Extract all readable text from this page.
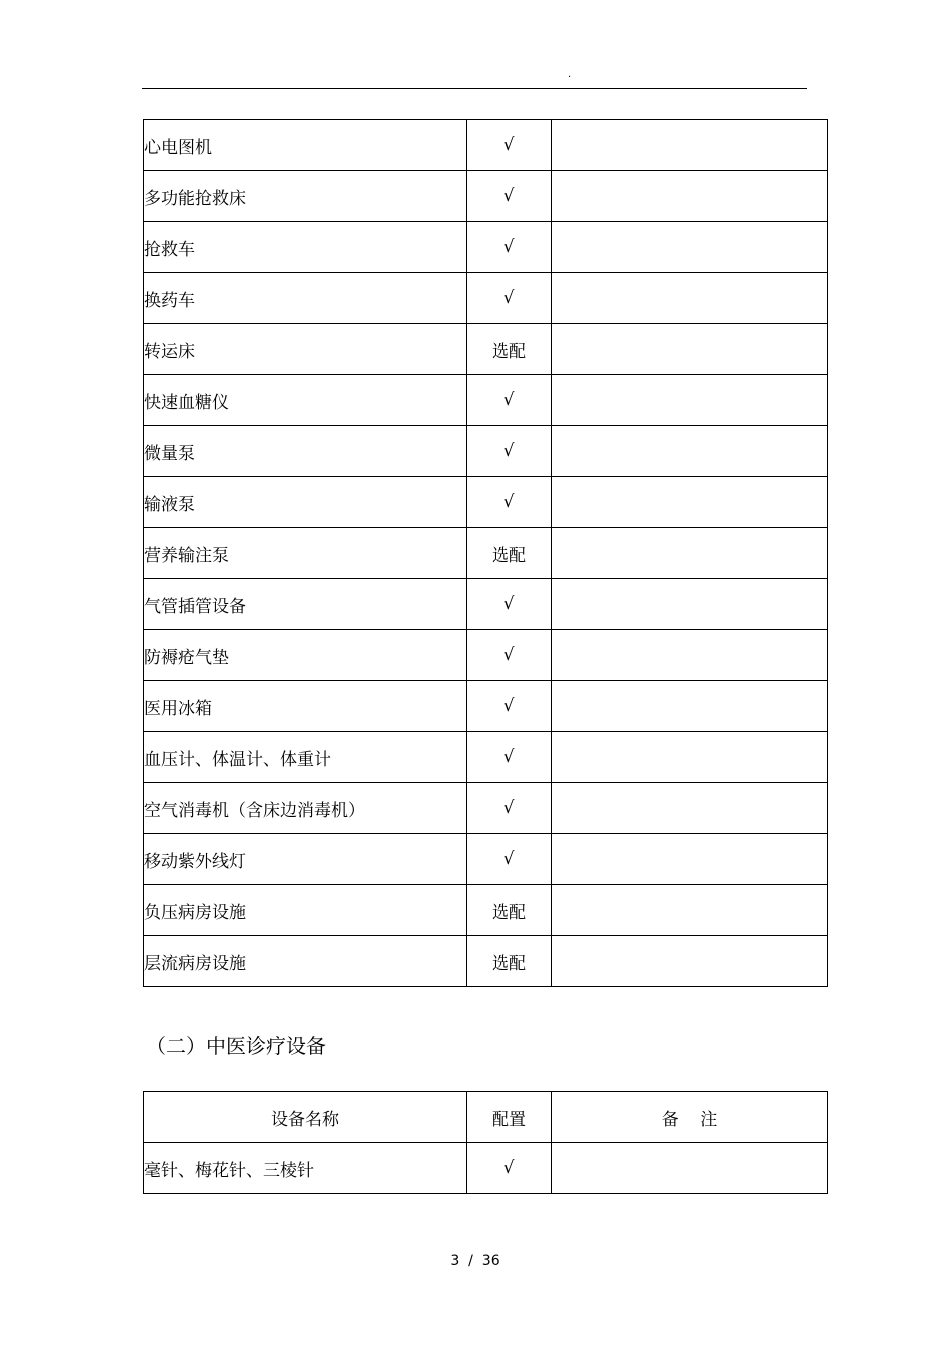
.
心电图机	√	
多功能抢救床	√	
抢救车	√	
换药车	√	
转运床	选配	
快速血糖仪	√	
微量泵	√	
输液泵	√	
营养输注泵	选配	
气管插管设备	√	
防褥疮气垫	√	
医用冰箱	√	
血压计、体温计、体重计	√	
空气消毒机（含床边消毒机）	√	
移动紫外线灯	√	
负压病房设施	选配	
层流病房设施	选配	
（二）中医诊疗设备
设备名称	配置	备    注
毫针、梅花针、三棱针	√	
3  /  36
